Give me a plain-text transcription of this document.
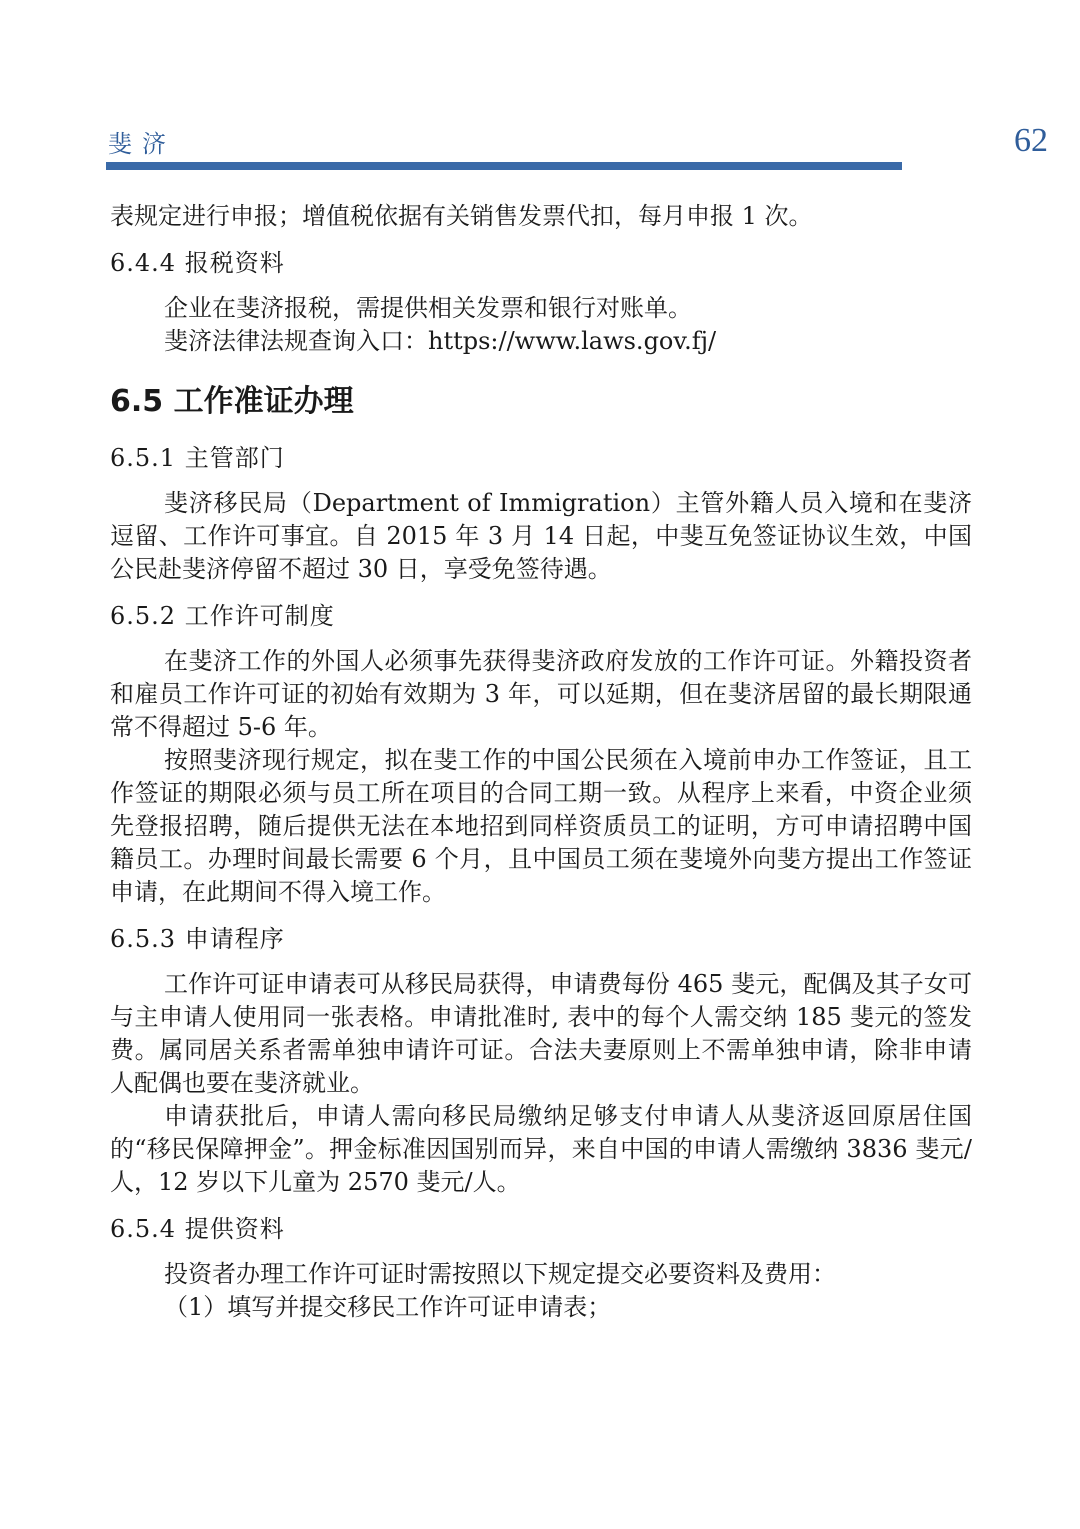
斐济	62

表规定进行申报；增值税依据有关销售发票代扣，每月申报 1 次。

6.4.4 报税资料

企业在斐济报税，需提供相关发票和银行对账单。

斐济法律法规查询入口：https://www.laws.gov.fj/

6.5 工作准证办理
6.5.1 主管部门

斐济移民局（Department of Immigration）主管外籍人员入境和在斐济逗留、工作许可事宜。自 2015 年 3 月 14 日起，中斐互免签证协议生效，中国公民赴斐济停留不超过 30 日，享受免签待遇。

6.5.2 工作许可制度

在斐济工作的外国人必须事先获得斐济政府发放的工作许可证。外籍投资者和雇员工作许可证的初始有效期为 3 年，可以延期，但在斐济居留的最长期限通常不得超过 5-6 年。

按照斐济现行规定，拟在斐工作的中国公民须在入境前申办工作签证，且工作签证的期限必须与员工所在项目的合同工期一致。从程序上来看，中资企业须先登报招聘，随后提供无法在本地招到同样资质员工的证明，方可申请招聘中国籍员工。办理时间最长需要 6 个月，且中国员工须在斐境外向斐方提出工作签证申请，在此期间不得入境工作。

6.5.3 申请程序

工作许可证申请表可从移民局获得，申请费每份 465 斐元，配偶及其子女可与主申请人使用同一张表格。申请批准时, 表中的每个人需交纳 185 斐元的签发费。属同居关系者需单独申请许可证。合法夫妻原则上不需单独申请，除非申请人配偶也要在斐济就业。

申请获批后，申请人需向移民局缴纳足够支付申请人从斐济返回原居住国的“移民保障押金”。押金标准因国别而异，来自中国的申请人需缴纳 3836 斐元/人，12 岁以下儿童为 2570 斐元/人。

6.5.4 提供资料

投资者办理工作许可证时需按照以下规定提交必要资料及费用：

（1）填写并提交移民工作许可证申请表；
